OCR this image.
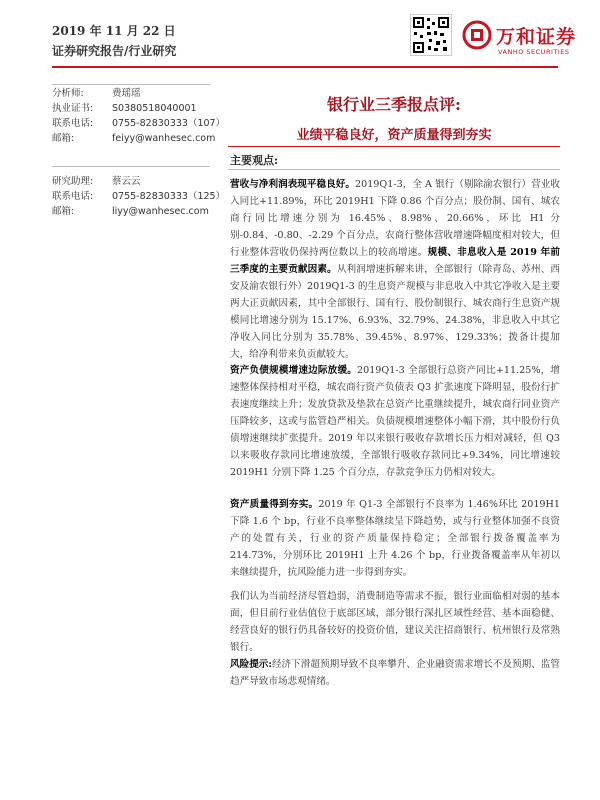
2019 年 11 月 22 日
证券研究报告/行业研究
万和证券
VANHO SECURITIES
分析师:	费瑶瑶
执业证书: S0380518040001
联系电话: 0755-82830333（107）
邮箱:	feiyy@wanhesec.com
研究助理: 蔡云云
联系电话: 0755-82830333（125）
邮箱:	liyy@wanhesec.com
银行业三季报点评:
业绩平稳良好，资产质量得到夯实
主要观点:
营收与净利润表现平稳良好。2019Q1-3，全 A 银行（剔除渝农银行）营业收入同比+11.89%，环比 2019H1 下降 0.86 个百分点；股份制、国有、城农商行同比增速分别为 16.45%、8.98%、20.66%，环比 H1 分别-0.84、-0.80、-2.29 个百分点，农商行整体营收增速降幅度相对较大，但行业整体营收仍保持两位数以上的较高增速。规模、非息收入是 2019 年前三季度的主要贡献因素。从利润增速拆解来讲，全部银行（除青岛、苏州、西安及渝农银行外）2019Q1-3 的生息资产规模与非息收入中其它净收入是主要两大正贡献因素，其中全部银行、国有行、股份制银行、城农商行生息资产规模同比增速分别为 15.17%、6.93%、32.79%、24.38%，非息收入中其它净收入同比分别为 35.78%、39.45%、8.97%、129.33%；拨备计提加大，给净利带来负贡献较大。
资产负债规模增速边际放缓。2019Q1-3 全部银行总资产同比+11.25%，增速整体保持相对平稳，城农商行资产负债表 Q3 扩张速度下降明显，股份行扩表速度继续上升；发放贷款及垫款在总资产比重继续提升，城农商行同业资产压降较多，这或与监管趋严相关。负债规模增速整体小幅下滑，其中股份行负债增速继续扩张提升。2019 年以来银行吸收存款增长压力相对减轻，但 Q3 以来吸收存款同比增速放缓，全部银行吸收存款同比+9.34%，同比增速较 2019H1 分别下降 1.25 个百分点，存款竞争压力仍相对较大。
资产质量得到夯实。2019 年 Q1-3 全部银行不良率为 1.46%环比 2019H1 下降 1.6 个 bp，行业不良率整体继续呈下降趋势，或与行业整体加强不良资产的处置有关，行业的资产质量保持稳定；全部银行拨备覆盖率为 214.73%，分别环比 2019H1 上升 4.26 个 bp，行业拨备覆盖率从年初以来继续提升，抗风险能力进一步得到夯实。
我们认为当前经济尽管趋弱，消费制造等需求不振，银行业面临相对弱的基本面，但目前行业估值位于底部区域，部分银行深扎区域性经营、基本面稳健、经营良好的银行仍具备较好的投资价值，建议关注招商银行、杭州银行及常熟银行。
风险提示:经济下滑超预期导致不良率攀升、企业融资需求增长不及预期、监管趋严导致市场悲观情绪。
